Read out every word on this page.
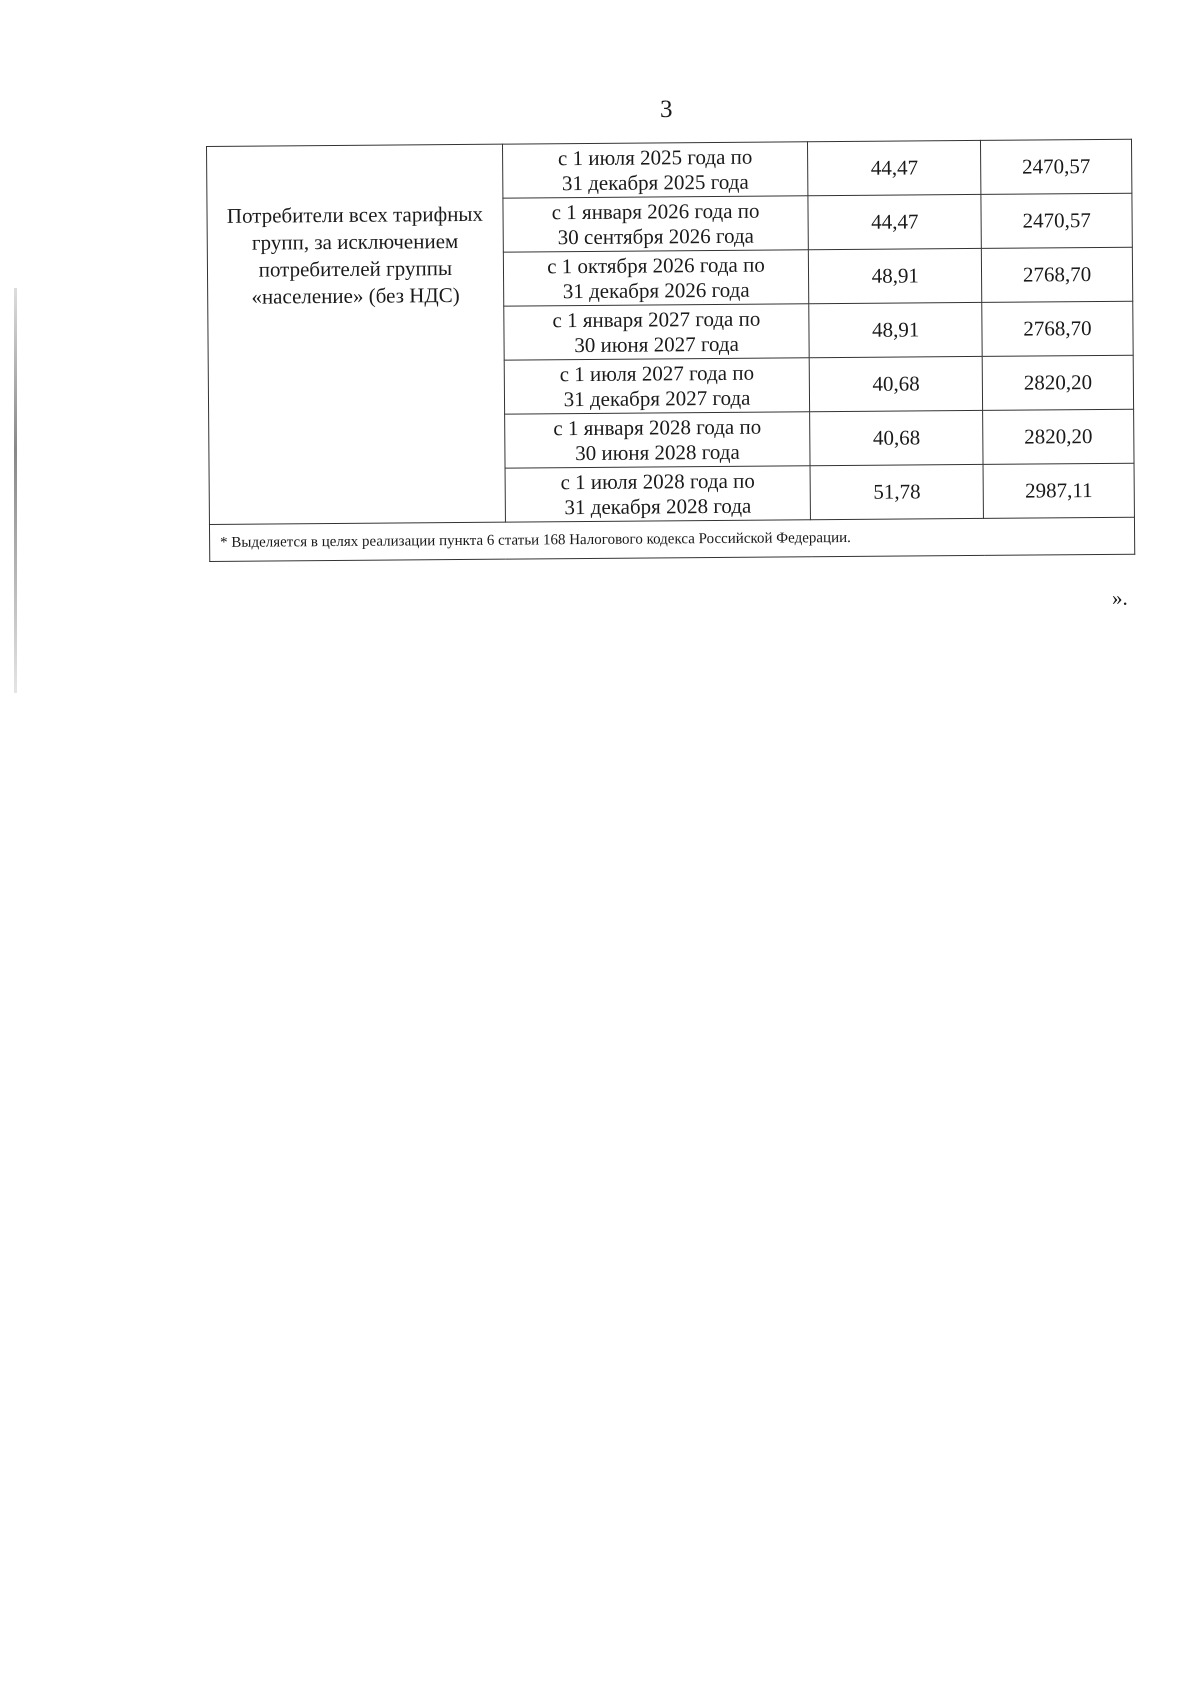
3
Потребители всех тарифных групп, за исключением потребителей группы «население» (без НДС)	с 1 июля 2025 года по
31 декабря 2025 года	44,47	2470,57

	с 1 января 2026 года по
30 сентября 2026 года	44,47	2470,57

	с 1 октября 2026 года по
31 декабря 2026 года	48,91	2768,70

	с 1 января 2027 года по
30 июня 2027 года	48,91	2768,70

	с 1 июля 2027 года по
31 декабря 2027 года	40,68	2820,20

	с 1 января 2028 года по
30 июня 2028 года	40,68	2820,20

	с 1 июля 2028 года по
31 декабря 2028 года	51,78	2987,11
* Выделяется в целях реализации пункта 6 статьи 168 Налогового кодекса Российской Федерации.			
».
